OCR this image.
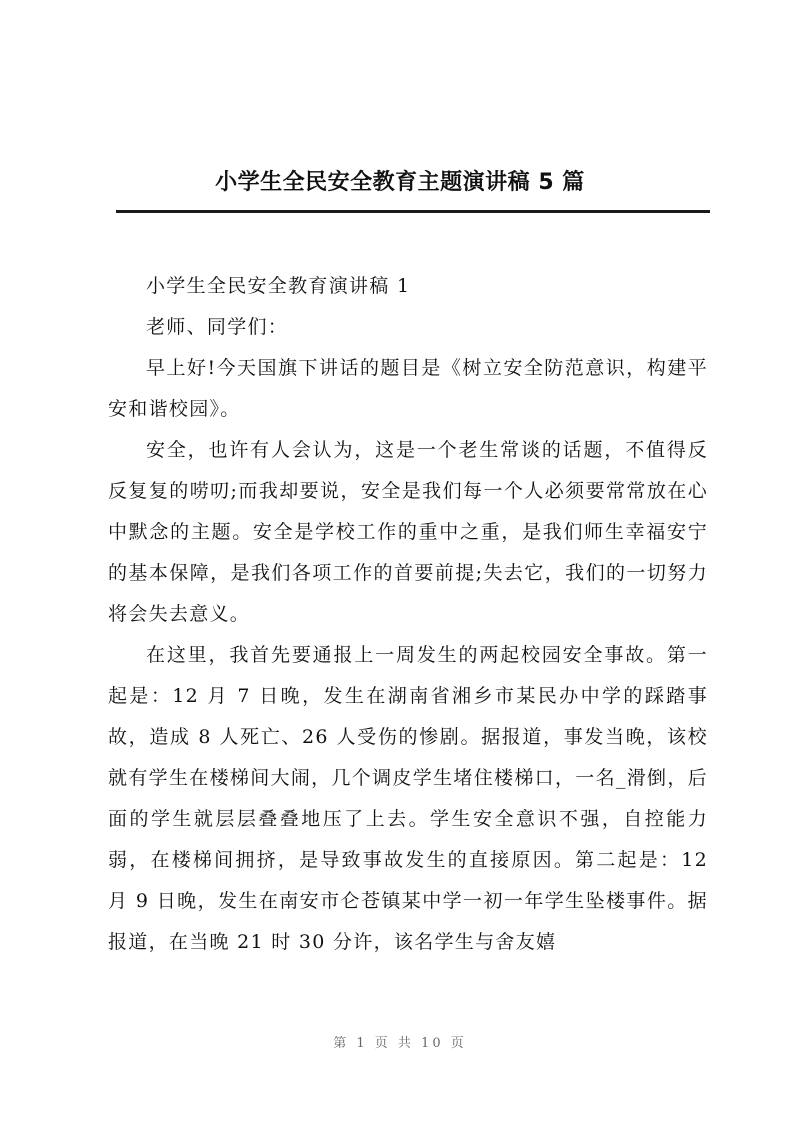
小学生全民安全教育主题演讲稿 5 篇

小学生全民安全教育演讲稿 1

老师、同学们：

早上好!今天国旗下讲话的题目是《树立安全防范意识，构建平安和谐校园》。

安全，也许有人会认为，这是一个老生常谈的话题，不值得反反复复的唠叨;而我却要说，安全是我们每一个人必须要常常放在心中默念的主题。安全是学校工作的重中之重，是我们师生幸福安宁的基本保障，是我们各项工作的首要前提;失去它，我们的一切努力将会失去意义。

在这里，我首先要通报上一周发生的两起校园安全事故。第一起是：12 月 7 日晚，发生在湖南省湘乡市某民办中学的踩踏事故，造成 8 人死亡、26 人受伤的惨剧。据报道，事发当晚，该校就有学生在楼梯间大闹，几个调皮学生堵住楼梯口，一名_滑倒，后面的学生就层层叠叠地压了上去。学生安全意识不强，自控能力弱，在楼梯间拥挤，是导致事故发生的直接原因。第二起是：12 月 9 日晚，发生在南安市仑苍镇某中学一初一年学生坠楼事件。据报道，在当晚 21 时 30 分许，该名学生与舍友嬉

第 1 页 共 10 页
